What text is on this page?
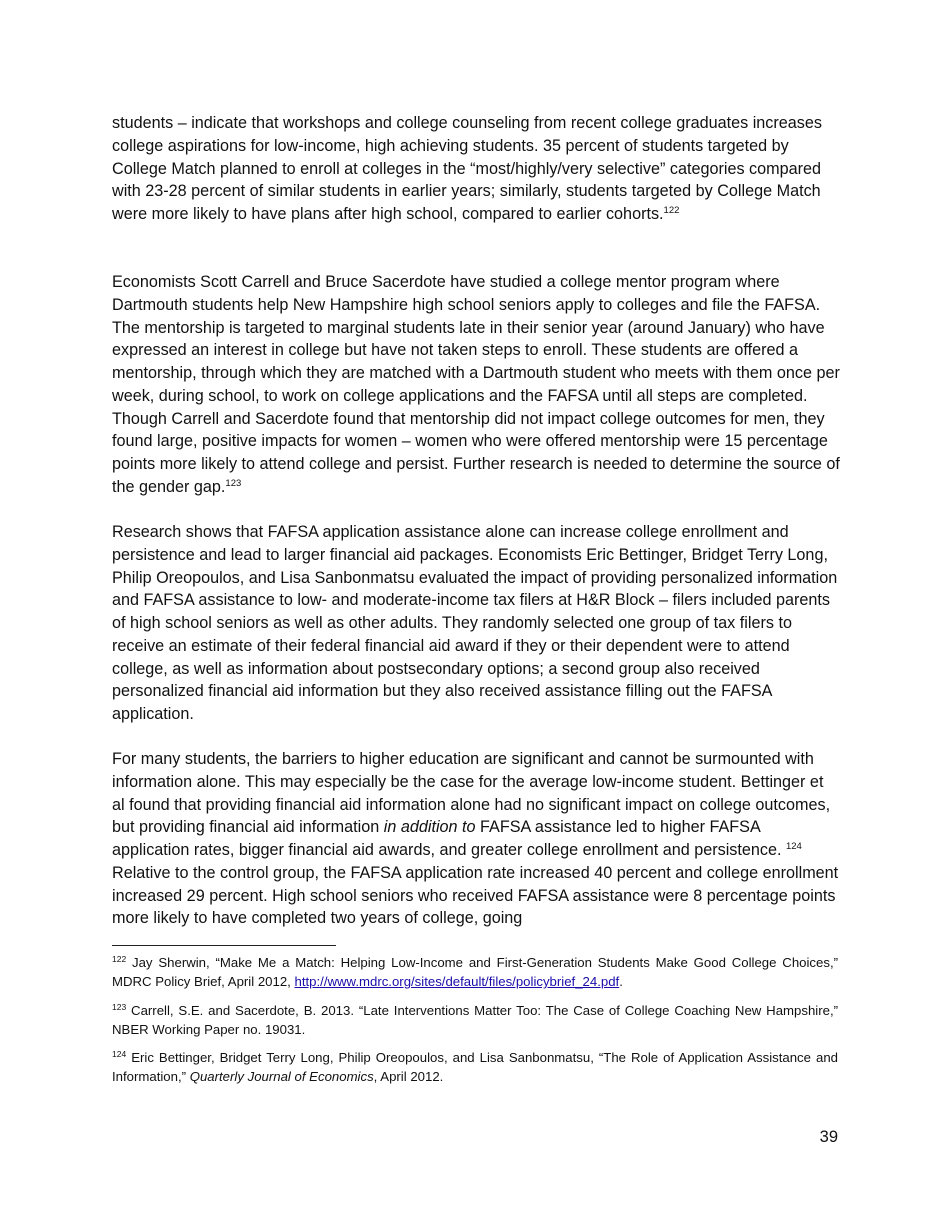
students – indicate that workshops and college counseling from recent college graduates increases college aspirations for low-income, high achieving students. 35 percent of students targeted by College Match planned to enroll at colleges in the “most/highly/very selective” categories compared with 23-28 percent of similar students in earlier years; similarly, students targeted by College Match were more likely to have plans after high school, compared to earlier cohorts.$^{122}$

Economists Scott Carrell and Bruce Sacerdote have studied a college mentor program where Dartmouth students help New Hampshire high school seniors apply to colleges and file the FAFSA. The mentorship is targeted to marginal students late in their senior year (around January) who have expressed an interest in college but have not taken steps to enroll. These students are offered a mentorship, through which they are matched with a Dartmouth student who meets with them once per week, during school, to work on college applications and the FAFSA until all steps are completed. Though Carrell and Sacerdote found that mentorship did not impact college outcomes for men, they found large, positive impacts for women – women who were offered mentorship were 15 percentage points more likely to attend college and persist. Further research is needed to determine the source of the gender gap.$^{123}$

Research shows that FAFSA application assistance alone can increase college enrollment and persistence and lead to larger financial aid packages. Economists Eric Bettinger, Bridget Terry Long, Philip Oreopoulos, and Lisa Sanbonmatsu evaluated the impact of providing personalized information and FAFSA assistance to low- and moderate-income tax filers at H&R Block – filers included parents of high school seniors as well as other adults. They randomly selected one group of tax filers to receive an estimate of their federal financial aid award if they or their dependent were to attend college, as well as information about postsecondary options; a second group also received personalized financial aid information but they also received assistance filling out the FAFSA application.

For many students, the barriers to higher education are significant and cannot be surmounted with information alone. This may especially be the case for the average low-income student. Bettinger et al found that providing financial aid information alone had no significant impact on college outcomes, but providing financial aid information in addition to FAFSA assistance led to higher FAFSA application rates, bigger financial aid awards, and greater college enrollment and persistence. $^{124}$ Relative to the control group, the FAFSA application rate increased 40 percent and college enrollment increased 29 percent. High school seniors who received FAFSA assistance were 8 percentage points more likely to have completed two years of college, going

$^{122}$ Jay Sherwin, “Make Me a Match: Helping Low-Income and First-Generation Students Make Good College Choices,” MDRC Policy Brief, April 2012, http://www.mdrc.org/sites/default/files/policybrief_24.pdf.
$^{123}$ Carrell, S.E. and Sacerdote, B. 2013. “Late Interventions Matter Too: The Case of College Coaching New Hampshire,” NBER Working Paper no. 19031.
$^{124}$ Eric Bettinger, Bridget Terry Long, Philip Oreopoulos, and Lisa Sanbonmatsu, “The Role of Application Assistance and Information,” Quarterly Journal of Economics, April 2012.
39
